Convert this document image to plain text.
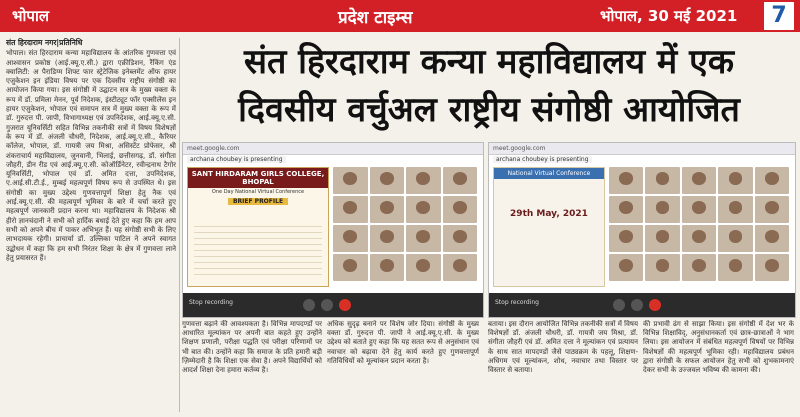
भोपाल	प्रदेश टाइम्स	भोपाल, 30 मई 2021	7
संत हिरदाराम नगर|प्रतिनिधि
भोपाल। संत हिरदाराम कन्या महाविद्यालय के आंतरिक गुणवत्ता एवं आश्वासन प्रकोष्ठ (आई.क्यू.ए.सी.) द्वारा एक्रीडिशन, रैंकिंग एंड क्वालिटी: अ पैराडिग्म शिफ्ट फार स्ट्रेटेजिक इनेब्लमेंट ऑफ हायर एजुकेशन इन इंडिया विषय पर एक दिवसीय राष्ट्रीय संगोष्ठी का आयोजन किया गया। इस संगोष्ठी में उद्घाटन सत्र के मुख्य वक्ता के रूप में डॉ. प्रमिला मेनन, पूर्व निदेशक, इंस्टीट्यूट फॉर एक्सीलेंस इन हायर एजुकेशन, भोपाल एवं समापन सत्र में मुख्य वक्ता के रूप में डॉ. गुरुदत्त पी. जापी, विभागाध्यक्ष एवं उपनिदेशक, आई.क्यू.ए.सी. गुजरात यूनिवर्सिटी सहित विभिन्न तकनीकी सत्रों में विषय विशेषज्ञों के रूप में डॉ. अंजली चौधरी, निदेशक, आई.क्यू.ए.सी., कैरियर कॉलेज, भोपाल, डॉ. गायत्री जय मिश्रा, असिस्टेंट प्रोफेसर, श्री शंकराचार्य महाविद्यालय, जुनवानी, भिलाई, छत्तीसगढ़, डॉ. संगीता जौहरी, डीन रीड एवं आई.क्यू.ए.सी. कोऑर्डिनेटर, रवीन्द्रनाथ टैगोर यूनिवर्सिटी, भोपाल एवं डॉ. अमित दत्ता, उपनिदेशक, ए.आई.सी.टी.ई., मुम्बई महत्वपूर्ण विषय रूप से उपस्थित थे। इस संगोष्ठी का मुख्य उद्देश्य गुणवत्तापूर्ण शिक्षा हेतु नैक एवं आई.क्यू.ए.सी. की महत्वपूर्ण भूमिका के बारे में चर्चा करते हुए महत्वपूर्ण जानकारी प्रदान करना था। महाविद्यालय के निदेशक श्री हीरो ज्ञानचंदानी ने सभी को हार्दिक बधाई देते हुए कहा कि हम आप सभी को अपने बीच में पाकर अभिभूत हैं। यह संगोष्ठी सभी के लिए लाभदायक रहेगी। प्राचार्या डॉ. उल्लिका पाटिल ने अपने स्वागत उद्बोधन में कहा कि हम सभी निरंतर शिक्षा के क्षेत्र में गुणवत्ता लाने हेतु प्रयासरत हैं।
संत हिरदाराम कन्या महाविद्यालय में एक
दिवसीय वर्चुअल राष्ट्रीय संगोष्ठी आयोजित
meet.google.com
archana choubey is presenting
SANT HIRDARAM GIRLS COLLEGE, BHOPAL
One Day National Virtual Conference
BRIEF PROFILE
Stop recording
meet.google.com
archana choubey is presenting
National Virtual Conference
29th May, 2021
Stop recording
गुणवत्ता बढ़ाने की आवश्यकता है। विभिन्न मापदण्डों पर आधारित मूल्यांकन पर अपनी बात कहते हुए उन्होंने शिक्षण प्रणाली, परीक्षा पद्धति एवं परीक्षा परिणामों पर भी बात की। उन्होंने कहा कि समाज के प्रति हमारी बड़ी ज़िम्मेदारी है कि शिक्षा एक सेवा है। अपने विद्यार्थियों को आदर्श शिक्षा देना हमारा कर्तव्य है।
अधिक सुदृढ़ बनाने पर विशेष जोर दिया। संगोष्ठी के मुख्य वक्ता डॉ. गुरुदत्त पी. जापी ने आई.क्यू.ए.सी. के मुख्य उद्देश्य को बताते हुए कहा कि यह सतत रूप से अनुसंधान एवं नवाचार को बढ़ावा देने हेतु कार्य करते हुए गुणवत्तापूर्ण गतिविधियों को मूल्यांकन प्रदान करता है।
बताया। इस दौरान आयोजित विभिन्न तकनीकी सत्रों में विषय विशेषज्ञों डॉ. अंजली चौधरी, डॉ. गायत्री जय मिश्रा, डॉ. संगीता जौहरी एवं डॉ. अमित दत्ता ने मूल्यांकन एवं प्रत्यायन के साथ सात मापदण्डों जैसे पाठ्यक्रम के पहलू, शिक्षण-अधिगम एवं मूल्यांकन, शोध, नवाचार तथा विस्तार पर विस्तार से बताया।
की प्रभावी ढंग से साझा किया। इस संगोष्ठी में देश भर के विभिन्न शिक्षाविद्, अनुसंधानकर्ता एवं छात्र-छात्राओं ने भाग लिया। इस आयोजन में संबंधित महत्वपूर्ण विषयों पर विभिन्न विशेषज्ञों की महत्वपूर्ण भूमिका रही। महाविद्यालय प्रबंधन द्वारा संगोष्ठी के सफल आयोजन हेतु सभी को शुभकामनाएं देकर सभी के उज्जवल भविष्य की कामना की।
